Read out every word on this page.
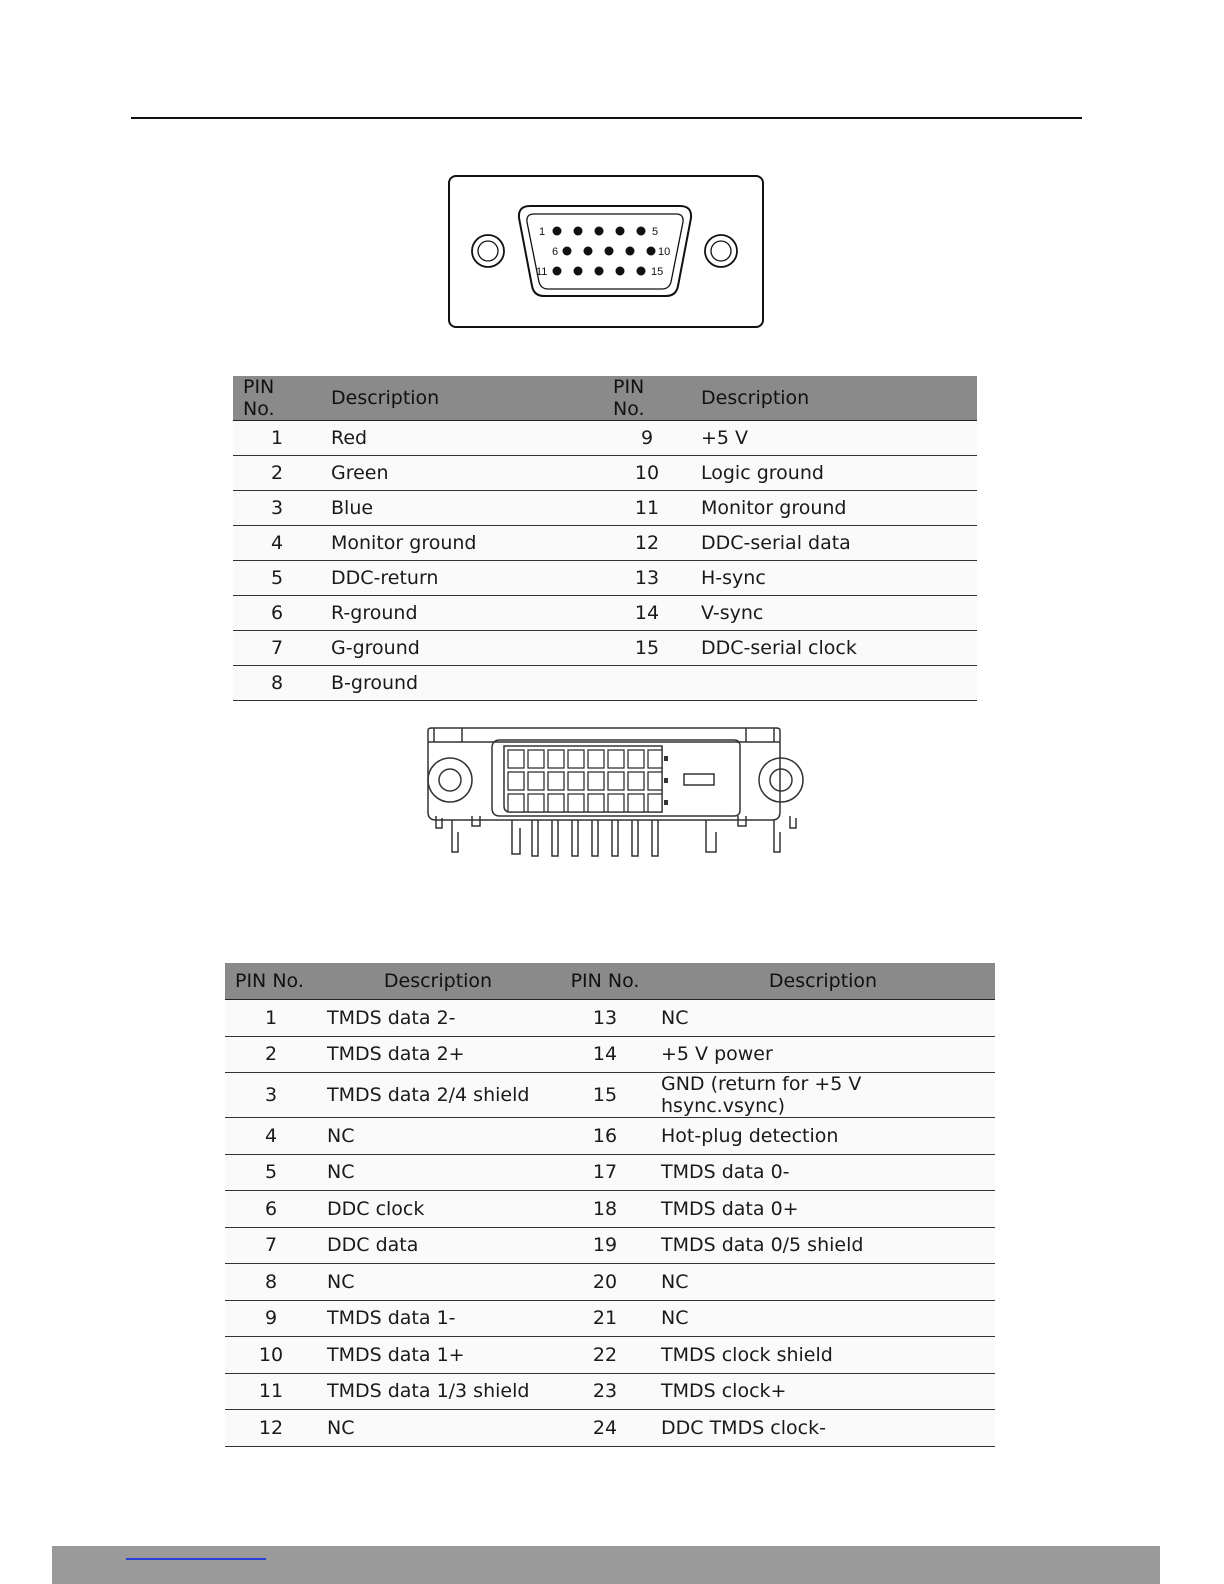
1	5
6	10
11	15
PIN No.	Description	PIN No.	Description
1	Red	9	+5 V
2	Green	10	Logic ground
3	Blue	11	Monitor ground
4	Monitor ground	12	DDC-serial data
5	DDC-return	13	H-sync
6	R-ground	14	V-sync
7	G-ground	15	DDC-serial clock
8	B-ground		
PIN No.	Description	PIN No.	Description
1	TMDS data 2-	13	NC
2	TMDS data 2+	14	+5 V power
3	TMDS data 2/4 shield	15	GND (return for +5 V hsync.vsync)
4	NC	16	Hot-plug detection
5	NC	17	TMDS data 0-
6	DDC clock	18	TMDS data 0+
7	DDC data	19	TMDS data 0/5 shield
8	NC	20	NC
9	TMDS data 1-	21	NC
10	TMDS data 1+	22	TMDS clock shield
11	TMDS data 1/3 shield	23	TMDS clock+
12	NC	24	DDC TMDS clock-
